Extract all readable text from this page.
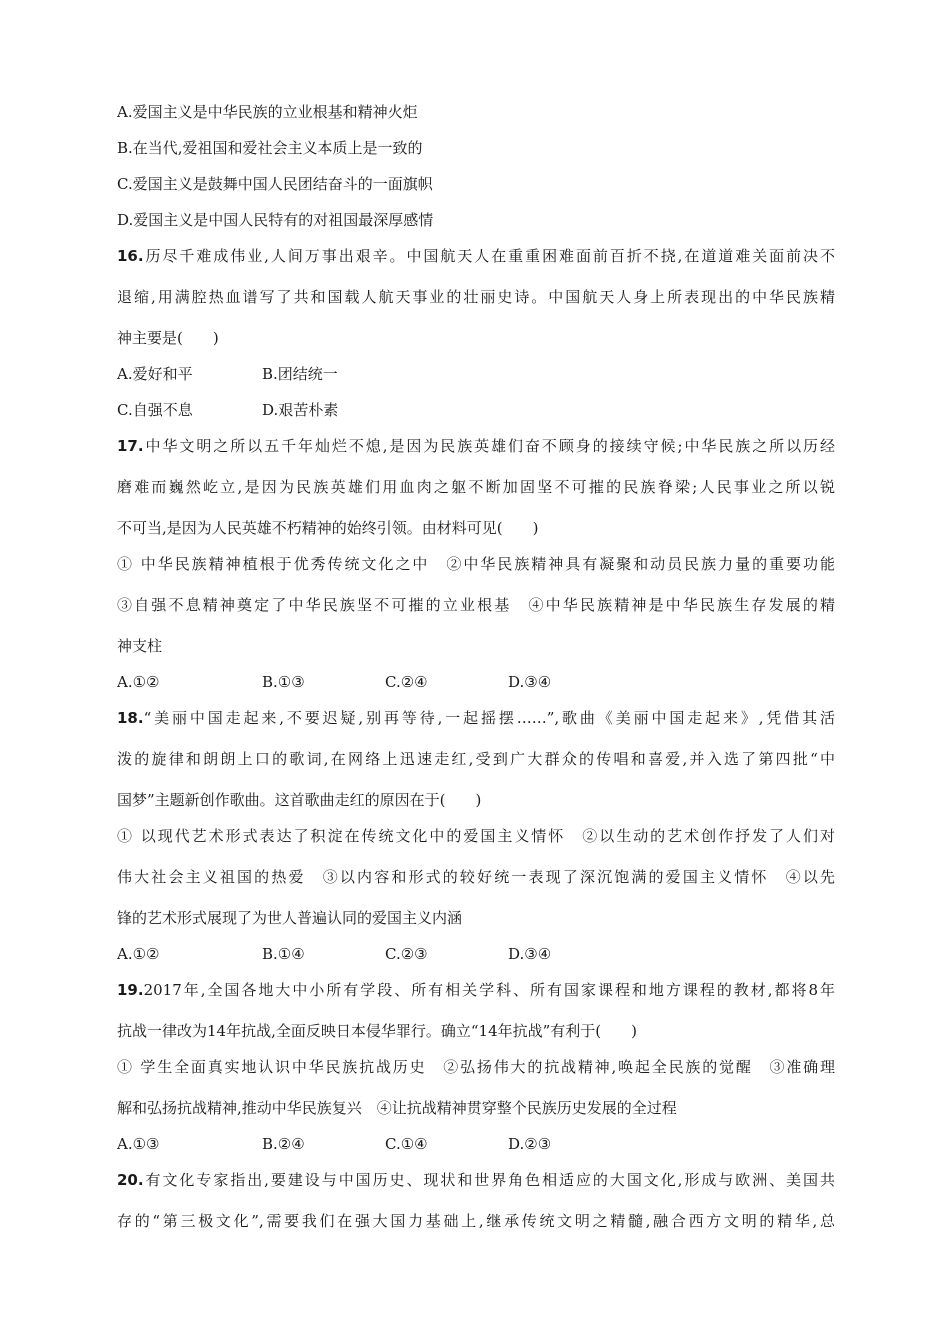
A.爱国主义是中华民族的立业根基和精神火炬
B.在当代,爱祖国和爱社会主义本质上是一致的
C.爱国主义是鼓舞中国人民团结奋斗的一面旗帜
D.爱国主义是中国人民特有的对祖国最深厚感情
16.历尽千难成伟业,人间万事出艰辛。中国航天人在重重困难面前百折不挠,在道道难关面前决不
退缩,用满腔热血谱写了共和国载人航天事业的壮丽史诗。中国航天人身上所表现出的中华民族精
神主要是(　　)
A.爱好和平	B.团结统一
C.自强不息	D.艰苦朴素
17.中华文明之所以五千年灿烂不熄,是因为民族英雄们奋不顾身的接续守候;中华民族之所以历经
磨难而巍然屹立,是因为民族英雄们用血肉之躯不断加固坚不可摧的民族脊梁;人民事业之所以锐
不可当,是因为人民英雄不朽精神的始终引领。由材料可见(　　)
① 中华民族精神植根于优秀传统文化之中　②中华民族精神具有凝聚和动员民族力量的重要功能
③自强不息精神奠定了中华民族坚不可摧的立业根基　④中华民族精神是中华民族生存发展的精
神支柱
A.①②	B.①③	C.②④	D.③④
18.“美丽中国走起来,不要迟疑,别再等待,一起摇摆……”,歌曲《美丽中国走起来》,凭借其活
泼的旋律和朗朗上口的歌词,在网络上迅速走红,受到广大群众的传唱和喜爱,并入选了第四批“中
国梦”主题新创作歌曲。这首歌曲走红的原因在于(　　)
① 以现代艺术形式表达了积淀在传统文化中的爱国主义情怀　②以生动的艺术创作抒发了人们对
伟大社会主义祖国的热爱　③以内容和形式的较好统一表现了深沉饱满的爱国主义情怀　④以先
锋的艺术形式展现了为世人普遍认同的爱国主义内涵
A.①②	B.①④	C.②③	D.③④
19.2017年,全国各地大中小所有学段、所有相关学科、所有国家课程和地方课程的教材,都将8年
抗战一律改为14年抗战,全面反映日本侵华罪行。确立“14年抗战”有利于(　　)
① 学生全面真实地认识中华民族抗战历史　②弘扬伟大的抗战精神,唤起全民族的觉醒　③准确理
解和弘扬抗战精神,推动中华民族复兴　④让抗战精神贯穿整个民族历史发展的全过程
A.①③	B.②④	C.①④	D.②③
20.有文化专家指出,要建设与中国历史、现状和世界角色相适应的大国文化,形成与欧洲、美国共
存的“第三极文化”,需要我们在强大国力基础上,继承传统文明之精髓,融合西方文明的精华,总
